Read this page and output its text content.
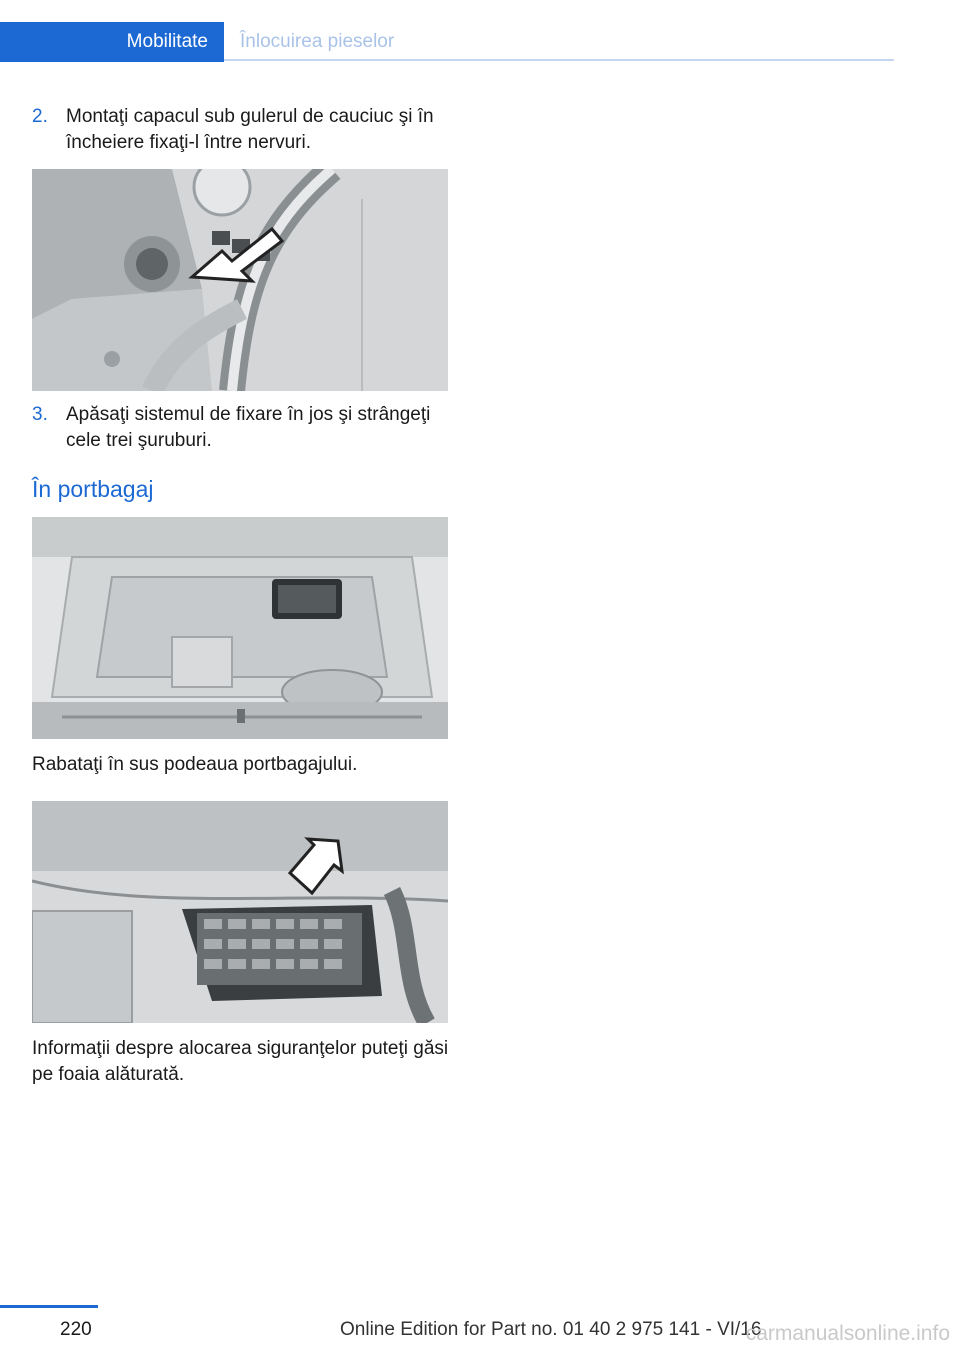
Mobilitate	Înlocuirea pieselor
2. Montaţi capacul sub gulerul de cauciuc şi în încheiere fixaţi-l între nervuri.
3. Apăsaţi sistemul de fixare în jos şi strângeţi cele trei şuruburi.
În portbagaj
Rabataţi în sus podeaua portbagajului.
Informaţii despre alocarea siguranţelor puteţi găsi pe foaia alăturată.
220	Online Edition for Part no. 01 40 2 975 141 - VI/16
carmanualsonline.info
